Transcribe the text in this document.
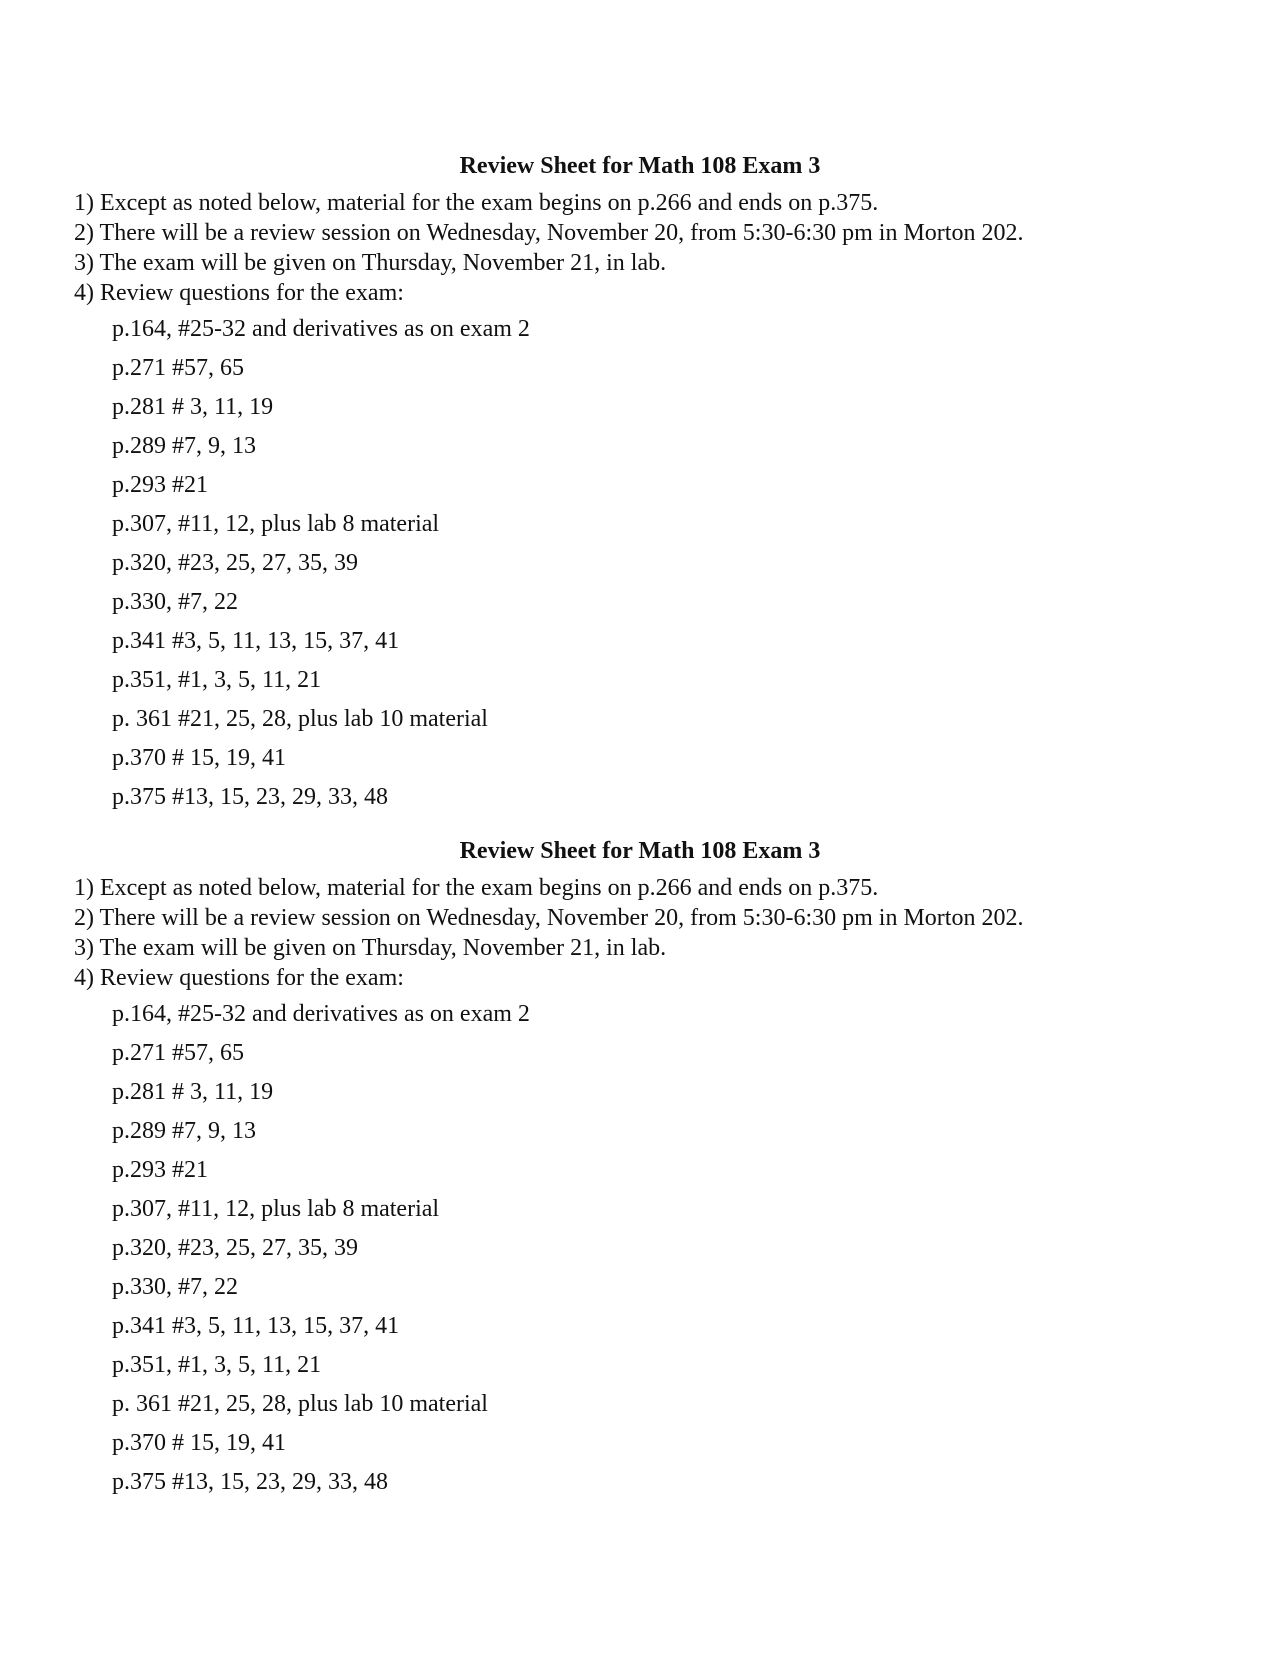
Review Sheet for Math 108 Exam 3
1) Except as noted below, material for the exam begins on p.266 and ends on p.375.
2) There will be a review session on Wednesday, November 20, from 5:30-6:30 pm in Morton 202.
3) The exam will be given on Thursday, November 21, in lab.
4) Review questions for the exam:
p.164, #25-32 and derivatives as on exam 2
p.271 #57, 65
p.281 # 3, 11, 19
p.289 #7, 9, 13
p.293 #21
p.307, #11, 12, plus lab 8 material
p.320, #23, 25, 27, 35, 39
p.330, #7, 22
p.341 #3, 5, 11, 13, 15, 37, 41
p.351, #1, 3, 5, 11, 21
p. 361 #21, 25, 28, plus lab 10 material
p.370 # 15, 19, 41
p.375 #13, 15, 23, 29, 33, 48
Review Sheet for Math 108 Exam 3
1) Except as noted below, material for the exam begins on p.266 and ends on p.375.
2) There will be a review session on Wednesday, November 20, from 5:30-6:30 pm in Morton 202.
3) The exam will be given on Thursday, November 21, in lab.
4) Review questions for the exam:
p.164, #25-32 and derivatives as on exam 2
p.271 #57, 65
p.281 # 3, 11, 19
p.289 #7, 9, 13
p.293 #21
p.307, #11, 12, plus lab 8 material
p.320, #23, 25, 27, 35, 39
p.330, #7, 22
p.341 #3, 5, 11, 13, 15, 37, 41
p.351, #1, 3, 5, 11, 21
p. 361 #21, 25, 28, plus lab 10 material
p.370 # 15, 19, 41
p.375 #13, 15, 23, 29, 33, 48
